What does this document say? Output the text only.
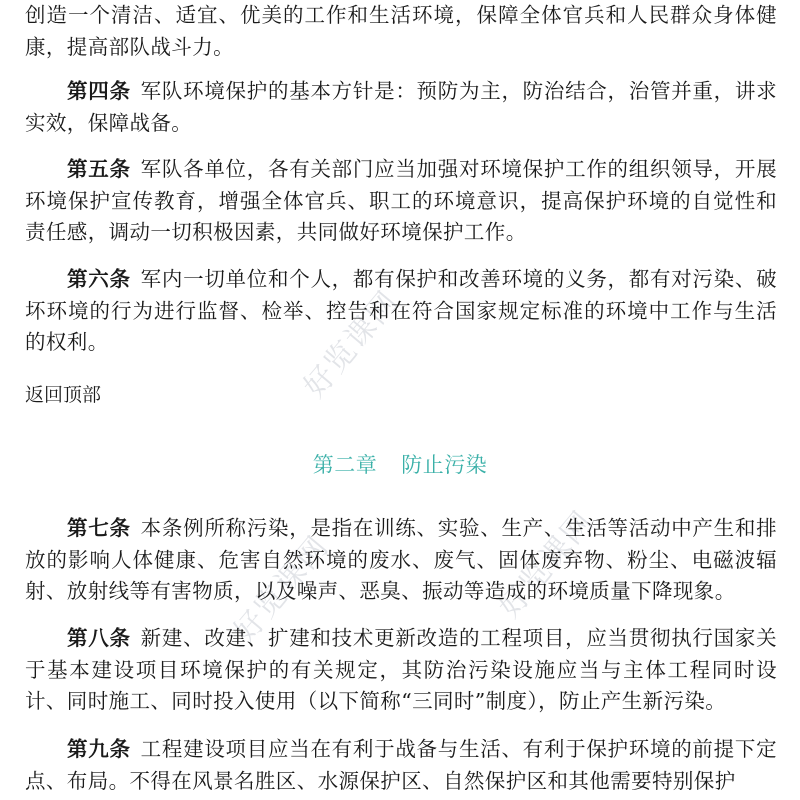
好览课网
好览课网	好览课网

创造一个清洁、适宜、优美的工作和生活环境，保障全体官兵和人民群众身体健康，提高部队战斗力。

第四条 军队环境保护的基本方针是：预防为主，防治结合，治管并重，讲求实效，保障战备。

第五条 军队各单位，各有关部门应当加强对环境保护工作的组织领导，开展环境保护宣传教育，增强全体官兵、职工的环境意识，提高保护环境的自觉性和责任感，调动一切积极因素，共同做好环境保护工作。

第六条 军内一切单位和个人，都有保护和改善环境的义务，都有对污染、破坏环境的行为进行监督、检举、控告和在符合国家规定标准的环境中工作与生活的权利。

返回顶部
第二章 防止污染

第七条 本条例所称污染，是指在训练、实验、生产、生活等活动中产生和排放的影响人体健康、危害自然环境的废水、废气、固体废弃物、粉尘、电磁波辐射、放射线等有害物质，以及噪声、恶臭、振动等造成的环境质量下降现象。

第八条 新建、改建、扩建和技术更新改造的工程项目，应当贯彻执行国家关于基本建设项目环境保护的有关规定，其防治污染设施应当与主体工程同时设计、同时施工、同时投入使用（以下简称“三同时”制度），防止产生新污染。

第九条 工程建设项目应当在有利于战备与生活、有利于保护环境的前提下定点、布局。不得在风景名胜区、水源保护区、自然保护区和其他需要特别保护
